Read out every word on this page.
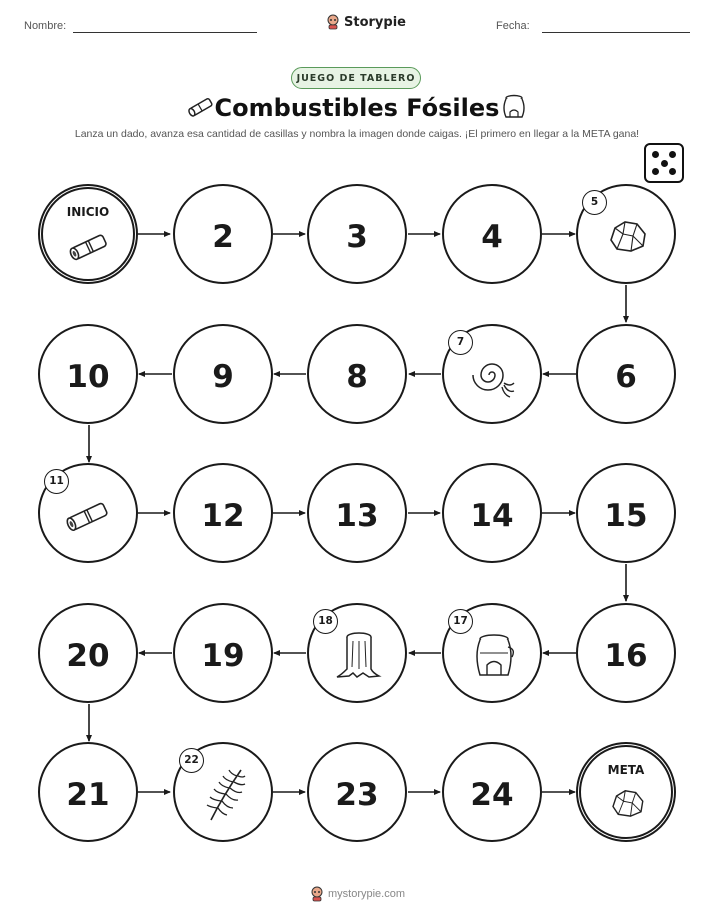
Nombre:	Fecha:
Storypie
JUEGO DE TABLERO
Combustibles Fósiles
Lanza un dado, avanza esa cantidad de casillas y nombra la imagen donde caigas. ¡El primero en llegar a la META gana!
INICIO
2	3	4
5
10	9	8
7
6
11
12	13	14	15
20	19
18	17
16
21
22
23	24
META
mystorypie.com
